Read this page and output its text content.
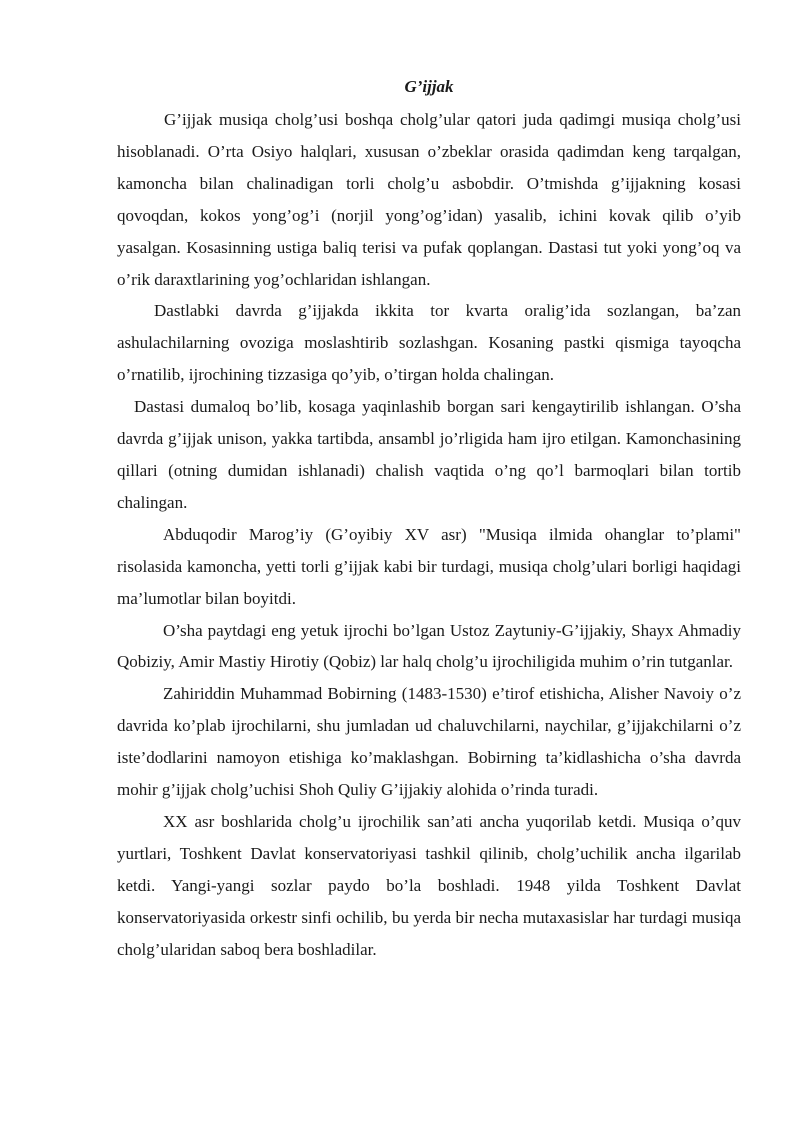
G’ijjak

G’ijjak musiqa cholg’usi boshqa cholg’ular qatori juda qadimgi musiqa cholg’usi hisoblanadi. O’rta Osiyo halqlari, xususan o’zbeklar orasida qadimdan keng tarqalgan, kamoncha bilan chalinadigan torli cholg’u asbobdir. O’tmishda g’ijjakning kosasi qovoqdan, kokos yong’og’i (norjil yong’og’idan) yasalib, ichini kovak qilib o’yib yasalgan. Kosasinning ustiga baliq terisi va pufak qoplangan. Dastasi tut yoki yong’oq va o’rik daraxtlarining yog’ochlaridan ishlangan.

Dastlabki davrda g’ijjakda ikkita tor kvarta oralig’ida sozlangan, ba’zan ashulachilarning ovoziga moslashtirib sozlashgan. Kosaning pastki qismiga tayoqcha o’rnatilib, ijrochining tizzasiga qo’yib, o’tirgan holda chalingan.

Dastasi dumaloq bo’lib, kosaga yaqinlashib borgan sari kengaytirilib ishlangan. O’sha davrda g’ijjak unison, yakka tartibda, ansambl jo’rligida ham ijro etilgan. Kamonchasining qillari (otning dumidan ishlanadi) chalish vaqtida o’ng qo’l barmoqlari bilan tortib chalingan.

Abduqodir Marog’iy (G’oyibiy XV asr) "Musiqa ilmida ohanglar to’plami" risolasida kamoncha, yetti torli g’ijjak kabi bir turdagi, musiqa cholg’ulari borligi haqidagi ma’lumotlar bilan boyitdi.

O’sha paytdagi eng yetuk ijrochi bo’lgan Ustoz Zaytuniy-G’ijjakiy, Shayx Ahmadiy Qobiziy, Amir Mastiy Hirotiy (Qobiz) lar halq cholg’u ijrochiligida muhim o’rin tutganlar.

Zahiriddin Muhammad Bobirning (1483-1530) e’tirof etishicha, Alisher Navoiy o’z davrida ko’plab ijrochilarni, shu jumladan ud chaluvchilarni, naychilar, g’ijjakchilarni o’z iste’dodlarini namoyon etishiga ko’maklashgan. Bobirning ta’kidlashicha o’sha davrda mohir g’ijjak cholg’uchisi Shoh Quliy G’ijjakiy alohida o’rinda turadi.

XX asr boshlarida cholg’u ijrochilik san’ati ancha yuqorilab ketdi. Musiqa o’quv yurtlari, Toshkent Davlat konservatoriyasi tashkil qilinib, cholg’uchilik ancha ilgarilab ketdi. Yangi-yangi sozlar paydo bo’la boshladi. 1948 yilda Toshkent Davlat konservatoriyasida orkestr sinfi ochilib, bu yerda bir necha mutaxasislar har turdagi musiqa cholg’ularidan saboq bera boshladilar.
